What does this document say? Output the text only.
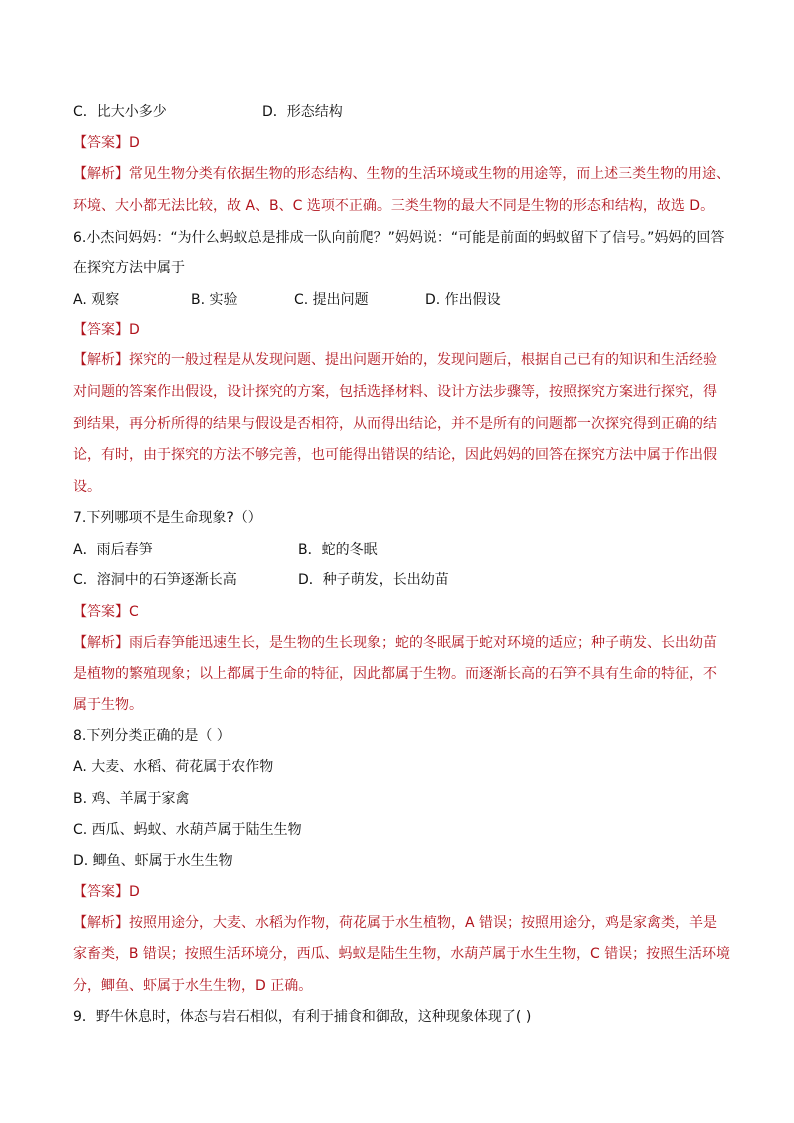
C．比大小多少	D．形态结构
【答案】D
【解析】常见生物分类有依据生物的形态结构、生物的生活环境或生物的用途等，而上述三类生物的用途、
环境、大小都无法比较，故 A、B、C 选项不正确。三类生物的最大不同是生物的形态和结构，故选 D。
6.小杰问妈妈：“为什么蚂蚁总是排成一队向前爬？”妈妈说：“可能是前面的蚂蚁留下了信号。”妈妈的回答
在探究方法中属于
A. 观察	B. 实验	C. 提出问题	D. 作出假设
【答案】D
【解析】探究的一般过程是从发现问题、提出问题开始的，发现问题后，根据自己已有的知识和生活经验
对问题的答案作出假设，设计探究的方案，包括选择材料、设计方法步骤等，按照探究方案进行探究，得
到结果，再分析所得的结果与假设是否相符，从而得出结论，并不是所有的问题都一次探究得到正确的结
论，有时，由于探究的方法不够完善，也可能得出错误的结论，因此妈妈的回答在探究方法中属于作出假
设。
7.下列哪项不是生命现象?（）
A．雨后春笋	B．蛇的冬眠
C．溶洞中的石笋逐渐长高	D．种子萌发，长出幼苗
【答案】C
【解析】雨后春笋能迅速生长，是生物的生长现象；蛇的冬眠属于蛇对环境的适应；种子萌发、长出幼苗
是植物的繁殖现象；以上都属于生命的特征，因此都属于生物。而逐渐长高的石笋不具有生命的特征，不
属于生物。
8.下列分类正确的是（ ）
A. 大麦、水稻、荷花属于农作物
B. 鸡、羊属于家禽
C. 西瓜、蚂蚁、水葫芦属于陆生生物
D. 鲫鱼、虾属于水生生物
【答案】D
【解析】按照用途分，大麦、水稻为作物，荷花属于水生植物，A 错误；按照用途分，鸡是家禽类，羊是
家畜类，B 错误；按照生活环境分，西瓜、蚂蚁是陆生生物，水葫芦属于水生生物，C 错误；按照生活环境
分，鲫鱼、虾属于水生生物，D 正确。
9．野牛休息时，体态与岩石相似，有利于捕食和御敌，这种现象体现了( )
